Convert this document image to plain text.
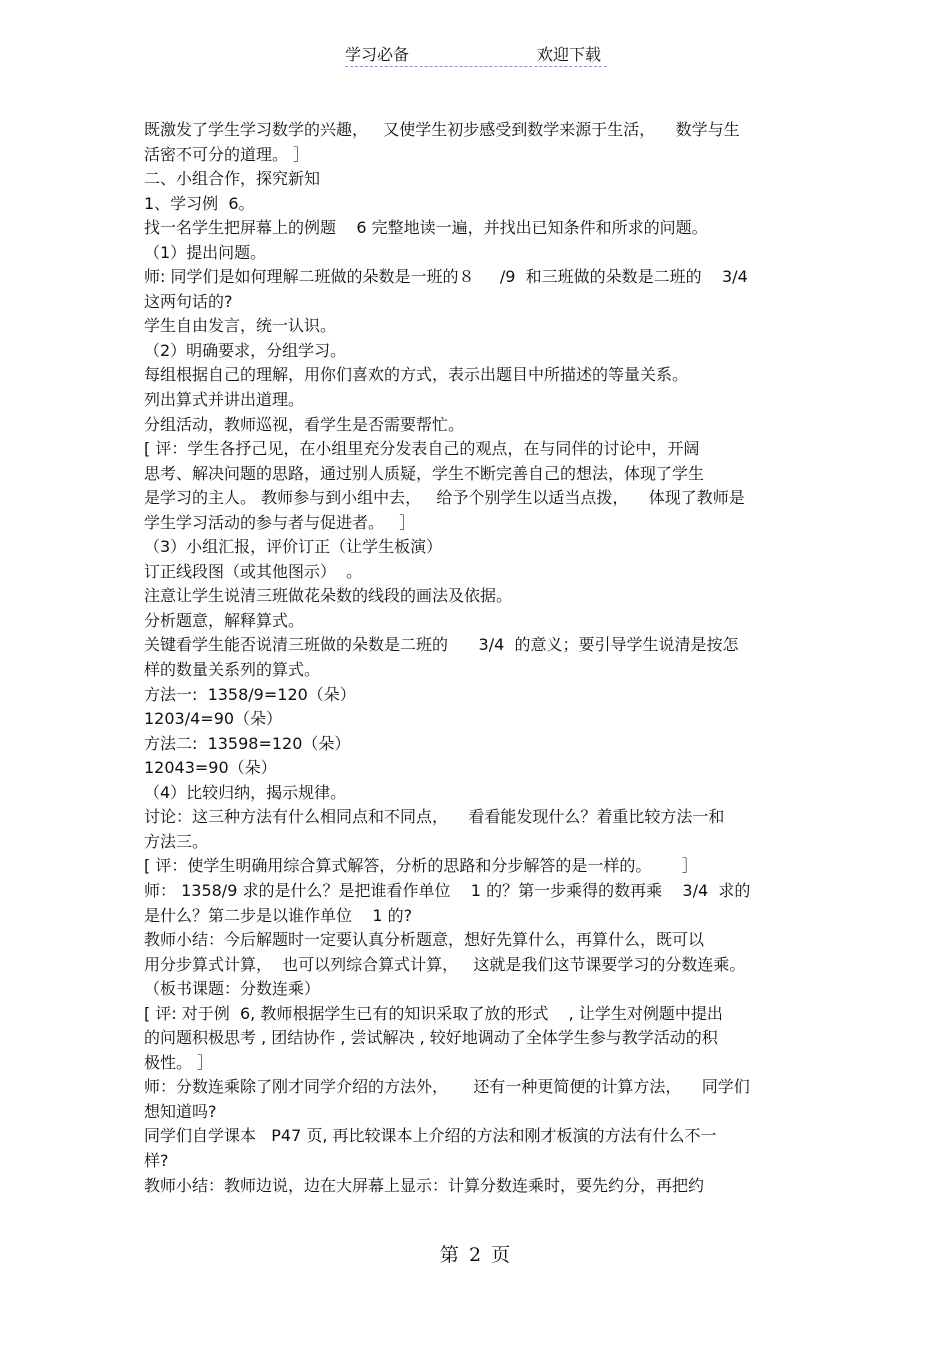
学习必备	欢迎下载
既激发了学生学习数学的兴趣，   又使学生初步感受到数学来源于生活，    数学与生
活密不可分的道理。 ］
二、小组合作，探究新知
1、学习例  6。
找一名学生把屏幕上的例题    6 完整地读一遍，并找出已知条件和所求的问题。
（1）提出问题。
师: 同学们是如何理解二班做的朵数是一班的８     /9  和三班做的朵数是二班的    3/4
这两句话的?
学生自由发言，统一认识。
（2）明确要求，分组学习。
每组根据自己的理解，用你们喜欢的方式，表示出题目中所描述的等量关系。
列出算式并讲出道理。
分组活动，教师巡视，看学生是否需要帮忙。
[ 评：学生各抒己见，在小组里充分发表自己的观点，在与同伴的讨论中，开阔
思考、解决问题的思路，通过别人质疑，学生不断完善自己的想法，体现了学生
是学习的主人。 教师参与到小组中去，   给予个别学生以适当点拨，    体现了教师是
学生学习活动的参与者与促进者。   ］
（3）小组汇报，评价订正（让学生板演）
订正线段图（或其他图示）  。
注意让学生说清三班做花朵数的线段的画法及依据。
分析题意，解释算式。
关键看学生能否说清三班做的朵数是二班的      3/4  的意义；要引导学生说清是按怎
样的数量关系列的算式。
方法一:  1358/9=120（朵）
1203/4=90（朵）
方法二:  13598=120（朵）
12043=90（朵）
（4）比较归纳，揭示规律。
讨论：这三种方法有什么相同点和不同点，    看看能发现什么？着重比较方法一和
方法三。
[ 评：使学生明确用综合算式解答，分析的思路和分步解答的是一样的。      ］
师： 1358/9 求的是什么？是把谁看作单位    1 的？第一步乘得的数再乘    3/4  求的
是什么？第二步是以谁作单位    1 的?
教师小结：今后解题时一定要认真分析题意，想好先算什么，再算什么，既可以
用分步算式计算，  也可以列综合算式计算，   这就是我们这节课要学习的分数连乘。
（板书课题：分数连乘）
[ 评: 对于例  6, 教师根据学生已有的知识采取了放的形式    , 让学生对例题中提出
的问题积极思考 , 团结协作 , 尝试解决 , 较好地调动了全体学生参与教学活动的积
极性。 ］
师：分数连乘除了刚才同学介绍的方法外，     还有一种更简便的计算方法，    同学们
想知道吗?
同学们自学课本   P47 页, 再比较课本上介绍的方法和刚才板演的方法有什么不一
样?
教师小结：教师边说，边在大屏幕上显示：计算分数连乘时，要先约分，再把约
第 2 页
